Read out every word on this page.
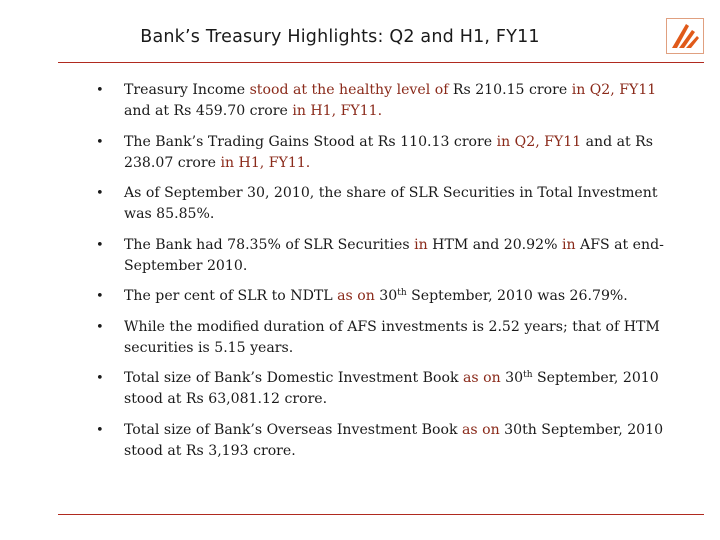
Bank’s Treasury Highlights: Q2 and H1, FY11
• Treasury Income stood at the healthy level of Rs 210.15 crore in Q2, FY11 and at Rs 459.70 crore in H1, FY11.
• The Bank’s Trading Gains Stood at Rs 110.13 crore in Q2, FY11 and at Rs 238.07 crore in H1, FY11.
• As of September 30, 2010, the share of SLR Securities in Total Investment was 85.85%.
• The Bank had 78.35% of SLR Securities in HTM and 20.92% in AFS at end-September 2010.
• The per cent of SLR to NDTL as on 30th September, 2010 was 26.79%.
• While the modified duration of AFS investments is 2.52 years; that of HTM securities is 5.15 years.
• Total size of Bank’s Domestic Investment Book as on 30th September, 2010 stood at Rs 63,081.12 crore.
• Total size of Bank’s Overseas Investment Book as on 30th September, 2010 stood at Rs 3,193 crore.
